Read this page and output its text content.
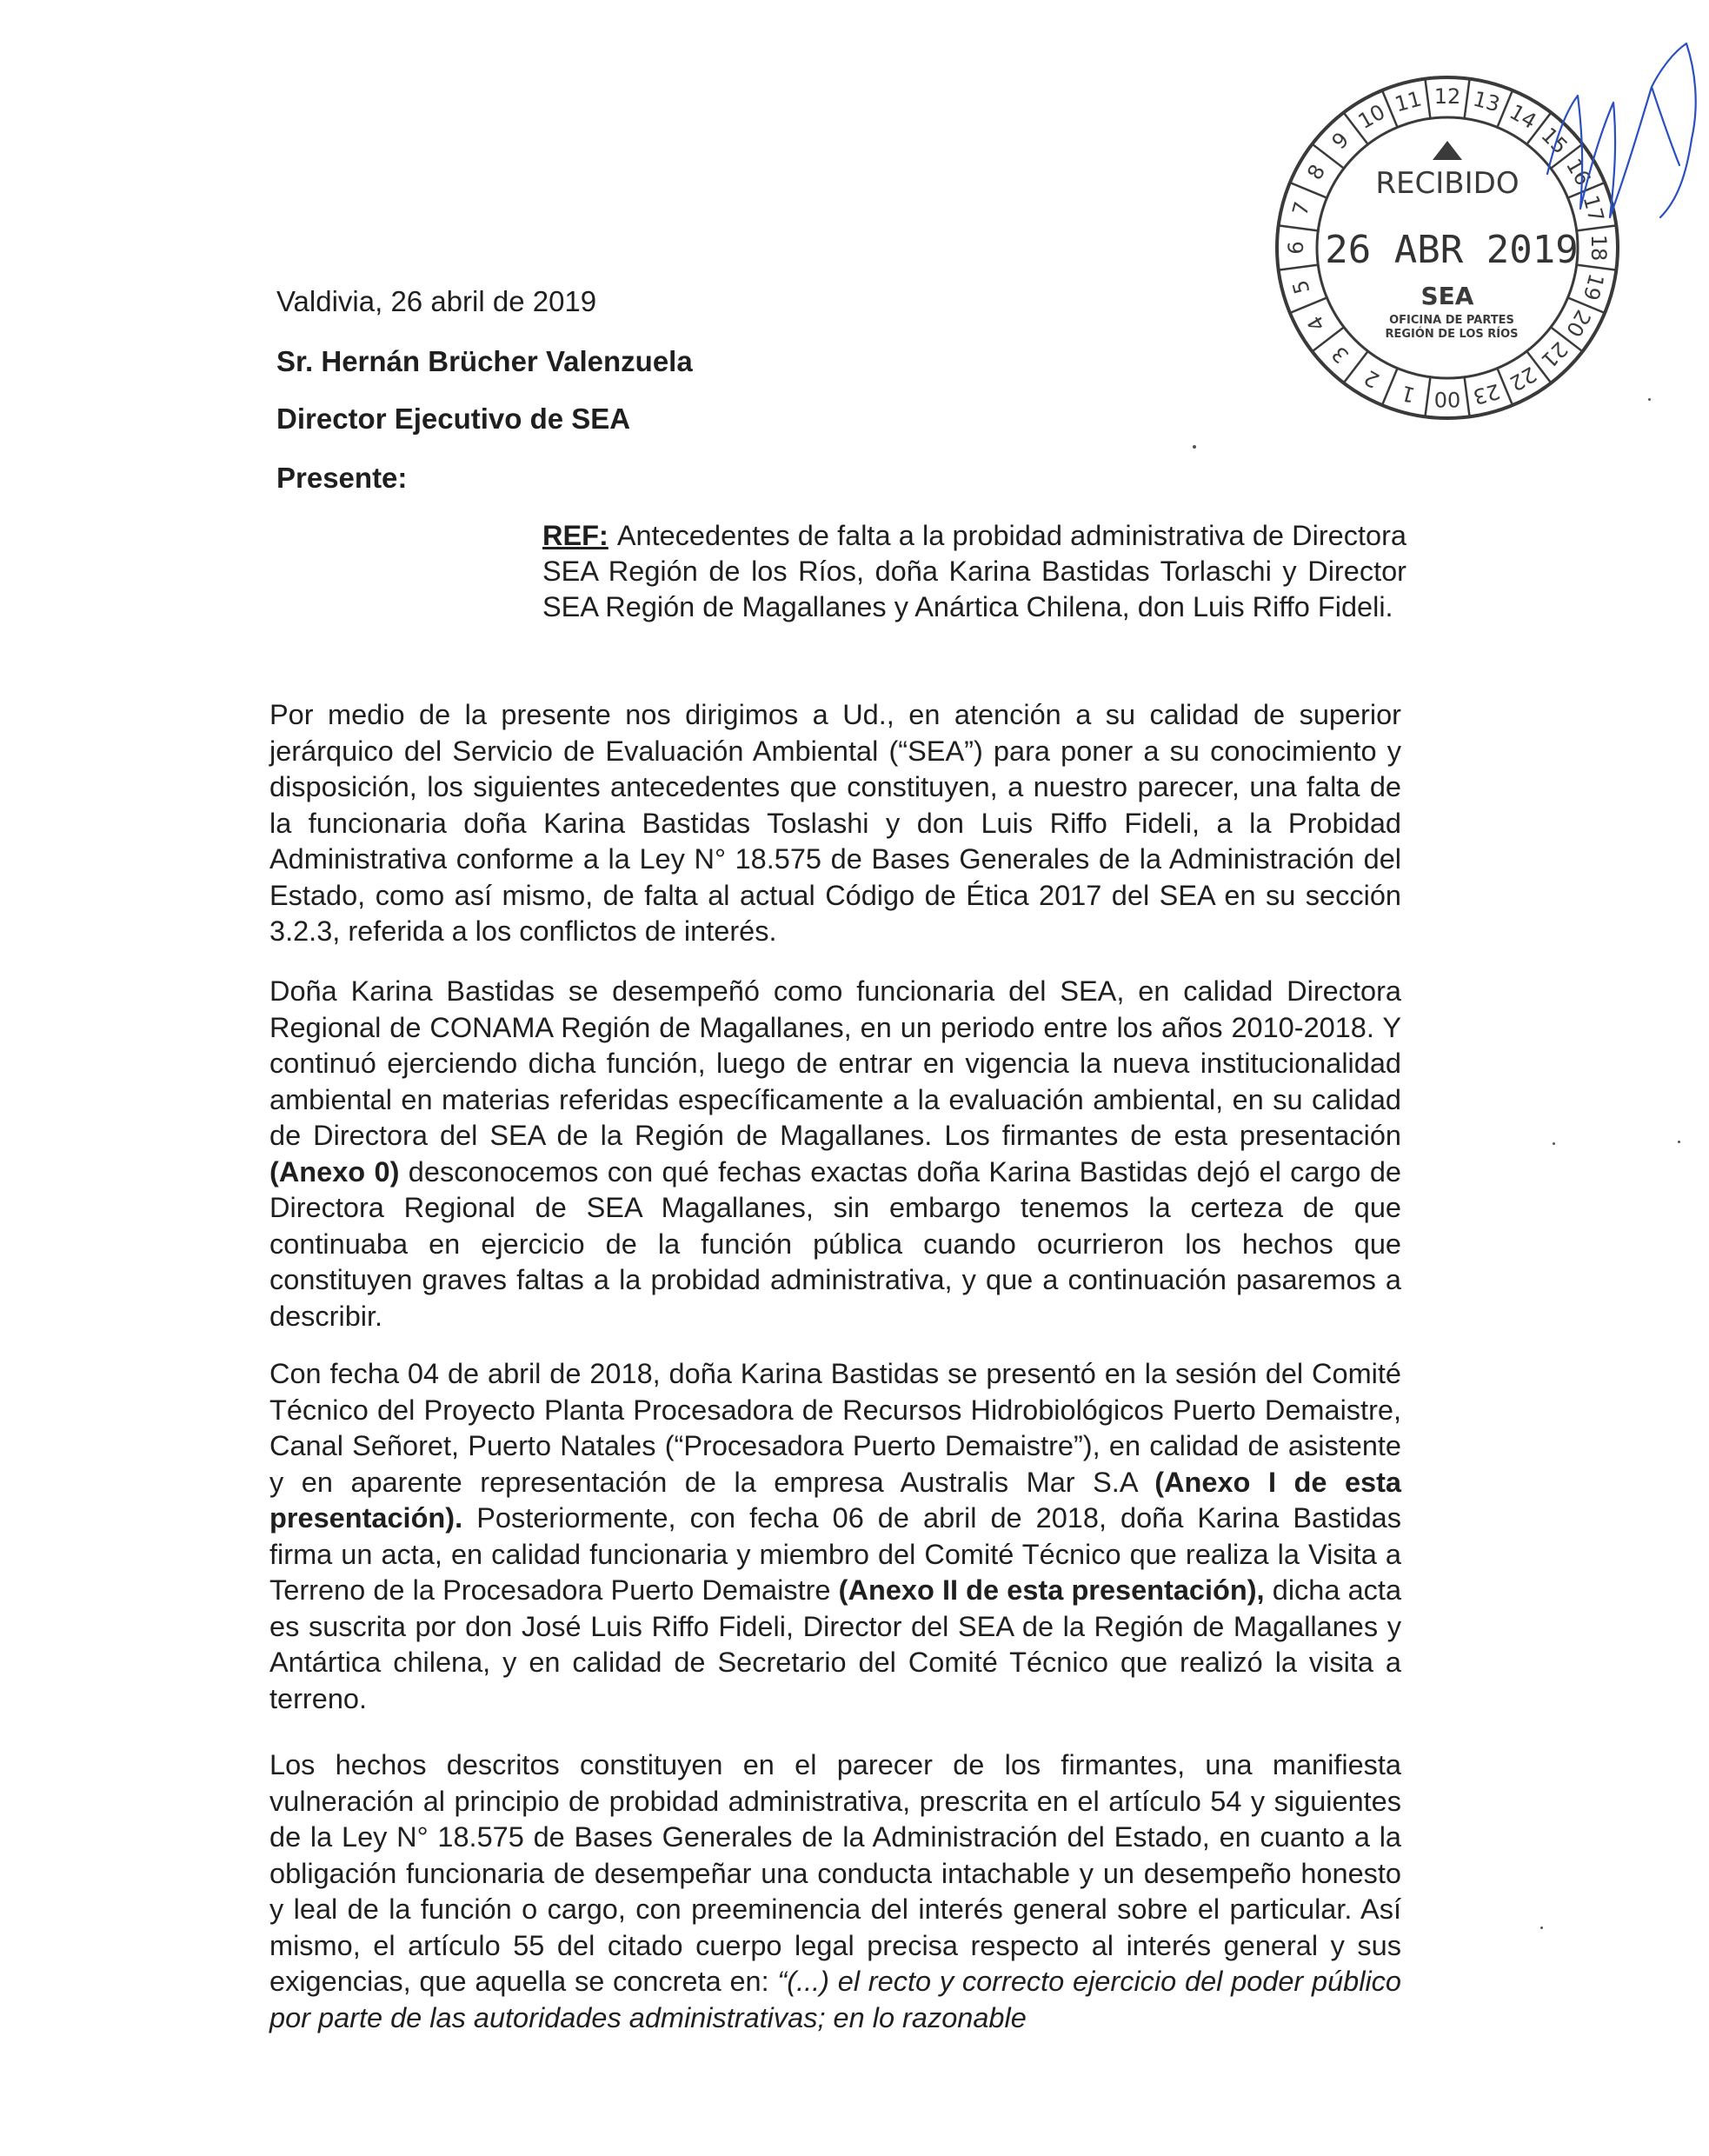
Valdivia, 26 abril de 2019
Sr. Hernán Brücher Valenzuela
Director Ejecutivo de SEA
Presente:
REF: Antecedentes de falta a la probidad administrativa de Directora SEA Región de los Ríos, doña Karina Bastidas Torlaschi y Director SEA Región de Magallanes y Anártica Chilena, don Luis Riffo Fideli.
Por medio de la presente nos dirigimos a Ud., en atención a su calidad de superior jerárquico del Servicio de Evaluación Ambiental (“SEA”) para poner a su conocimiento y disposición, los siguientes antecedentes que constituyen, a nuestro parecer, una falta de la funcionaria doña Karina Bastidas Toslashi y don Luis Riffo Fideli, a la Probidad Administrativa conforme a la Ley N° 18.575 de Bases Generales de la Administración del Estado, como así mismo, de falta al actual Código de Ética 2017 del SEA en su sección 3.2.3, referida a los conflictos de interés.
Doña Karina Bastidas se desempeñó como funcionaria del SEA, en calidad Directora Regional de CONAMA Región de Magallanes, en un periodo entre los años 2010-2018. Y continuó ejerciendo dicha función, luego de entrar en vigencia la nueva institucionalidad ambiental en materias referidas específicamente a la evaluación ambiental, en su calidad de Directora del SEA de la Región de Magallanes. Los firmantes de esta presentación (Anexo 0) desconocemos con qué fechas exactas doña Karina Bastidas dejó el cargo de Directora Regional de SEA Magallanes, sin embargo tenemos la certeza de que continuaba en ejercicio de la función pública cuando ocurrieron los hechos que constituyen graves faltas a la probidad administrativa, y que a continuación pasaremos a describir.
Con fecha 04 de abril de 2018, doña Karina Bastidas se presentó en la sesión del Comité Técnico del Proyecto Planta Procesadora de Recursos Hidrobiológicos Puerto Demaistre, Canal Señoret, Puerto Natales (“Procesadora Puerto Demaistre”), en calidad de asistente y en aparente representación de la empresa Australis Mar S.A (Anexo I de esta presentación). Posteriormente, con fecha 06 de abril de 2018, doña Karina Bastidas firma un acta, en calidad funcionaria y miembro del Comité Técnico que realiza la Visita a Terreno de la Procesadora Puerto Demaistre (Anexo II de esta presentación), dicha acta es suscrita por don José Luis Riffo Fideli, Director del SEA de la Región de Magallanes y Antártica chilena, y en calidad de Secretario del Comité Técnico que realizó la visita a terreno.
Los hechos descritos constituyen en el parecer de los firmantes, una manifiesta vulneración al principio de probidad administrativa, prescrita en el artículo 54 y siguientes de la Ley N° 18.575 de Bases Generales de la Administración del Estado, en cuanto a la obligación funcionaria de desempeñar una conducta intachable y un desempeño honesto y leal de la función o cargo, con preeminencia del interés general sobre el particular. Así mismo, el artículo 55 del citado cuerpo legal precisa respecto al interés general y sus exigencias, que aquella se concreta en: “(...) el recto y correcto ejercicio del poder público por parte de las autoridades administrativas; en lo razonable
10 11 12 13 14
15
16
17
18
19
20
21
22
23
00
1
2
3
4
5
6
7
8
9
RECIBIDO
26 ABR 2019
SEA
OFICINA DE PARTES
REGIÓN DE LOS RÍOS
